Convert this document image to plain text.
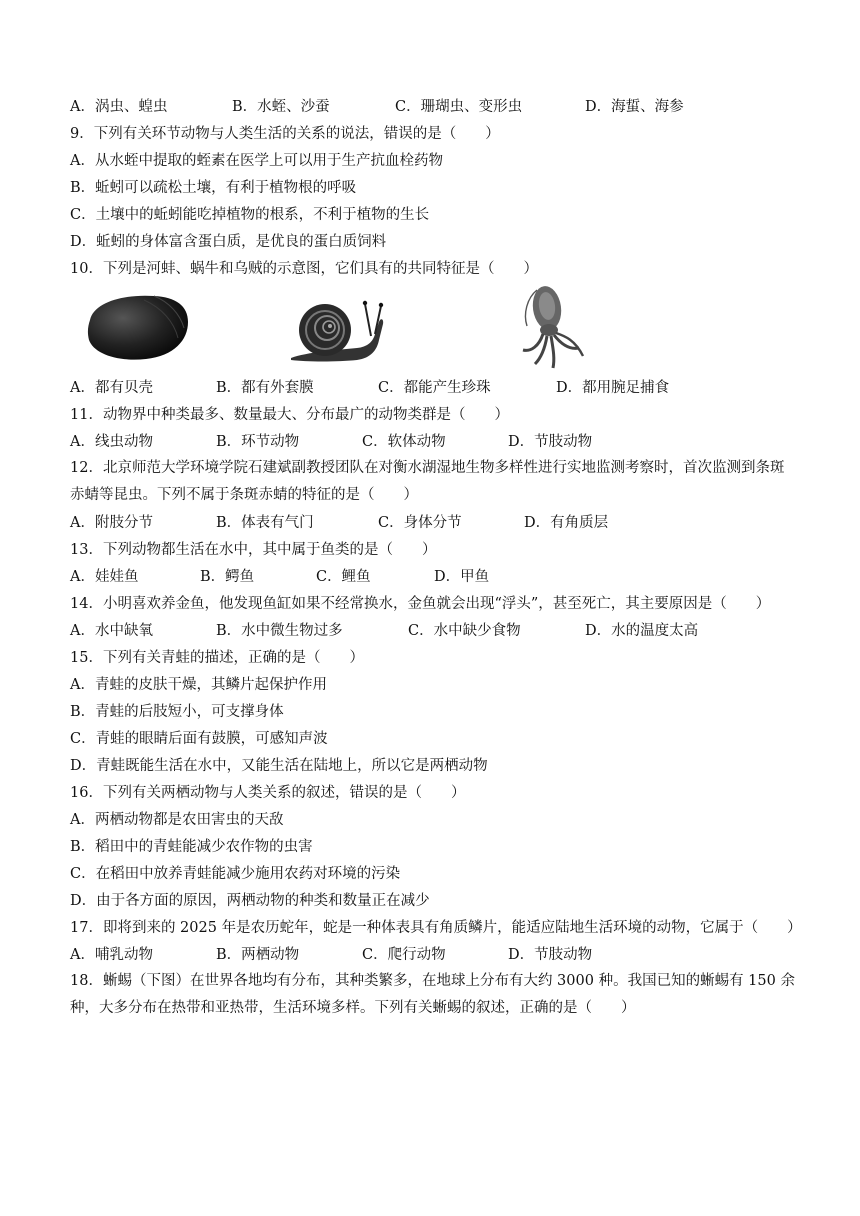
A．涡虫、蝗虫	B．水蛭、沙蚕	C．珊瑚虫、变形虫	D．海蜇、海参
9．下列有关环节动物与人类生活的关系的说法，错误的是（　　）
A．从水蛭中提取的蛭素在医学上可以用于生产抗血栓药物
B．蚯蚓可以疏松土壤，有利于植物根的呼吸
C．土壤中的蚯蚓能吃掉植物的根系，不利于植物的生长
D．蚯蚓的身体富含蛋白质，是优良的蛋白质饲料
10．下列是河蚌、蜗牛和乌贼的示意图，它们具有的共同特征是（　　）
A．都有贝壳	B．都有外套膜	C．都能产生珍珠	D．都用腕足捕食
11．动物界中种类最多、数量最大、分布最广的动物类群是（　　）
A．线虫动物	B．环节动物	C．软体动物	D．节肢动物
12．北京师范大学环境学院石建斌副教授团队在对衡水湖湿地生物多样性进行实地监测考察时，首次监测到条斑赤蜻等昆虫。下列不属于条斑赤蜻的特征的是（　　）
A．附肢分节	B．体表有气门	C．身体分节	D．有角质层
13．下列动物都生活在水中，其中属于鱼类的是（　　）
A．娃娃鱼	B．鳄鱼	C．鲤鱼	D．甲鱼
14．小明喜欢养金鱼，他发现鱼缸如果不经常换水，金鱼就会出现“浮头”，甚至死亡，其主要原因是（　　）
A．水中缺氧	B．水中微生物过多	C．水中缺少食物	D．水的温度太高
15．下列有关青蛙的描述，正确的是（　　）
A．青蛙的皮肤干燥，其鳞片起保护作用
B．青蛙的后肢短小，可支撑身体
C．青蛙的眼睛后面有鼓膜，可感知声波
D．青蛙既能生活在水中，又能生活在陆地上，所以它是两栖动物
16．下列有关两栖动物与人类关系的叙述，错误的是（　　）
A．两栖动物都是农田害虫的天敌
B．稻田中的青蛙能减少农作物的虫害
C．在稻田中放养青蛙能减少施用农药对环境的污染
D．由于各方面的原因，两栖动物的种类和数量正在减少
17．即将到来的 2025 年是农历蛇年，蛇是一种体表具有角质鳞片，能适应陆地生活环境的动物，它属于（　　）
A．哺乳动物	B．两栖动物	C．爬行动物	D．节肢动物
18．蜥蜴（下图）在世界各地均有分布，其种类繁多，在地球上分布有大约 3000 种。我国已知的蜥蜴有 150 余种，大多分布在热带和亚热带，生活环境多样。下列有关蜥蜴的叙述，正确的是（　　）
